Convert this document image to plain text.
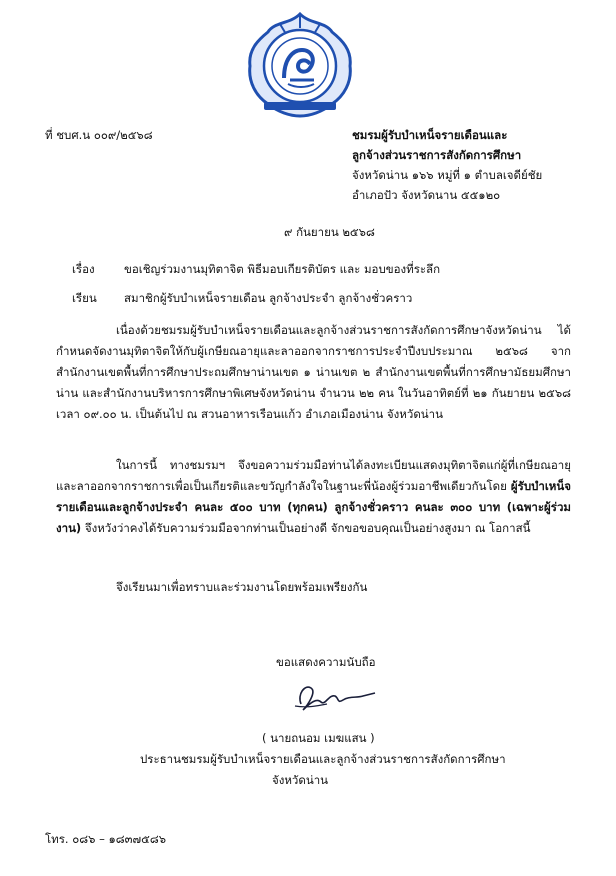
ที่ ชบศ.น ๐๐๙/๒๕๖๘	ชมรมผู้รับบำเหน็จรายเดือนและ
ลูกจ้างส่วนราชการสังกัดการศึกษา
จังหวัดน่าน ๑๖๖ หมู่ที่ ๑ ตำบลเจดีย์ชัย
อำเภอปัว จังหวัดนาน ๕๕๑๒๐
๙ กันยายน ๒๕๖๘
เรื่อง	ขอเชิญร่วมงานมุทิตาจิต พิธีมอบเกียรติบัตร และ มอบของที่ระลึก
เรียน สมาชิกผู้รับบำเหน็จรายเดือน ลูกจ้างประจำ ลูกจ้างชั่วคราว
เนื่องด้วยชมรมผู้รับบำเหน็จรายเดือนและลูกจ้างส่วนราชการสังกัดการศึกษาจังหวัดน่าน ได้กำหนดจัดงานมุทิตาจิตให้กับผู้เกษียณอายุและลาออกจากราชการประจำปีงบประมาณ ๒๕๖๘ จาก สำนักงานเขตพื้นที่การศึกษาประถมศึกษาน่านเขต ๑ น่านเขต ๒ สำนักงานเขตพื้นที่การศึกษามัธยมศึกษาน่าน และสำนักงานบริหารการศึกษาพิเศษจังหวัดน่าน จำนวน ๒๒ คน ในวันอาทิตย์ที่ ๒๑ กันยายน ๒๕๖๘ เวลา ๐๙.๐๐ น. เป็นต้นไป ณ สวนอาหารเรือนแก้ว อำเภอเมืองน่าน จังหวัดน่าน
ในการนี้ ทางชมรมฯ จึงขอความร่วมมือท่านได้ลงทะเบียนแสดงมุทิตาจิตแก่ผู้ที่เกษียณอายุและลาออกจากราชการเพื่อเป็นเกียรติและขวัญกำลังใจในฐานะพี่น้องผู้ร่วมอาชีพเดียวกันโดย ผู้รับบำเหน็จรายเดือนและลูกจ้างประจำ คนละ ๕๐๐ บาท (ทุกคน) ลูกจ้างชั่วคราว คนละ ๓๐๐ บาท (เฉพาะผู้ร่วมงาน) จึงหวังว่าคงได้รับความร่วมมือจากท่านเป็นอย่างดี จักขอขอบคุณเป็นอย่างสูงมา ณ โอกาสนี้
จึงเรียนมาเพื่อทราบและร่วมงานโดยพร้อมเพรียงกัน
ขอแสดงความนับถือ
( นายถนอม เมฆแสน )
ประธานชมรมผู้รับบำเหน็จรายเดือนและลูกจ้างส่วนราชการสังกัดการศึกษา
จังหวัดน่าน
โทร. ๐๘๖ – ๑๘๓๗๕๘๖
